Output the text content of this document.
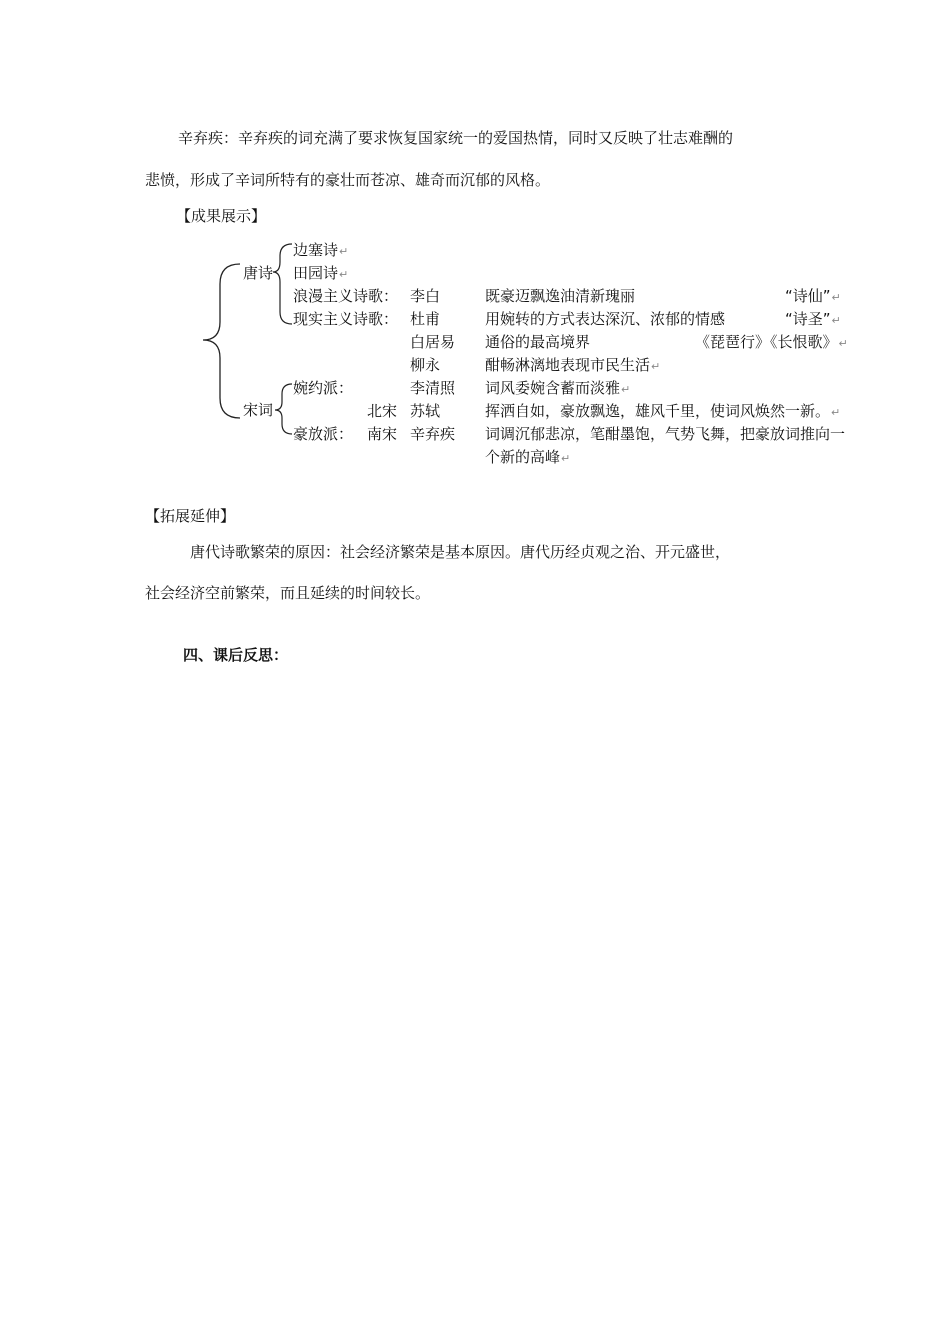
辛弃疾：辛弃疾的词充满了要求恢复国家统一的爱国热情，同时又反映了壮志难酬的
悲愤，形成了辛词所特有的豪壮而苍凉、雄奇而沉郁的风格。
【成果展示】
唐诗
宋词
边塞诗↵
田园诗↵
浪漫主义诗歌： 李白	既豪迈飘逸油清新瑰丽	“诗仙”↵
现实主义诗歌： 杜甫	用婉转的方式表达深沉、浓郁的情感	“诗圣”↵
白居易 通俗的最高境界	《琵琶行》《长恨歌》↵
柳永	酣畅淋漓地表现市民生活↵
婉约派：	李清照 词风委婉含蓄而淡雅↵
北宋 苏轼	挥洒自如，豪放飘逸，雄风千里，使词风焕然一新。↵
豪放派： 南宋 辛弃疾 词调沉郁悲凉，笔酣墨饱，气势飞舞，把豪放词推向一
个新的高峰↵
【拓展延伸】
唐代诗歌繁荣的原因：社会经济繁荣是基本原因。唐代历经贞观之治、开元盛世，
社会经济空前繁荣，而且延续的时间较长。
四、课后反思：
